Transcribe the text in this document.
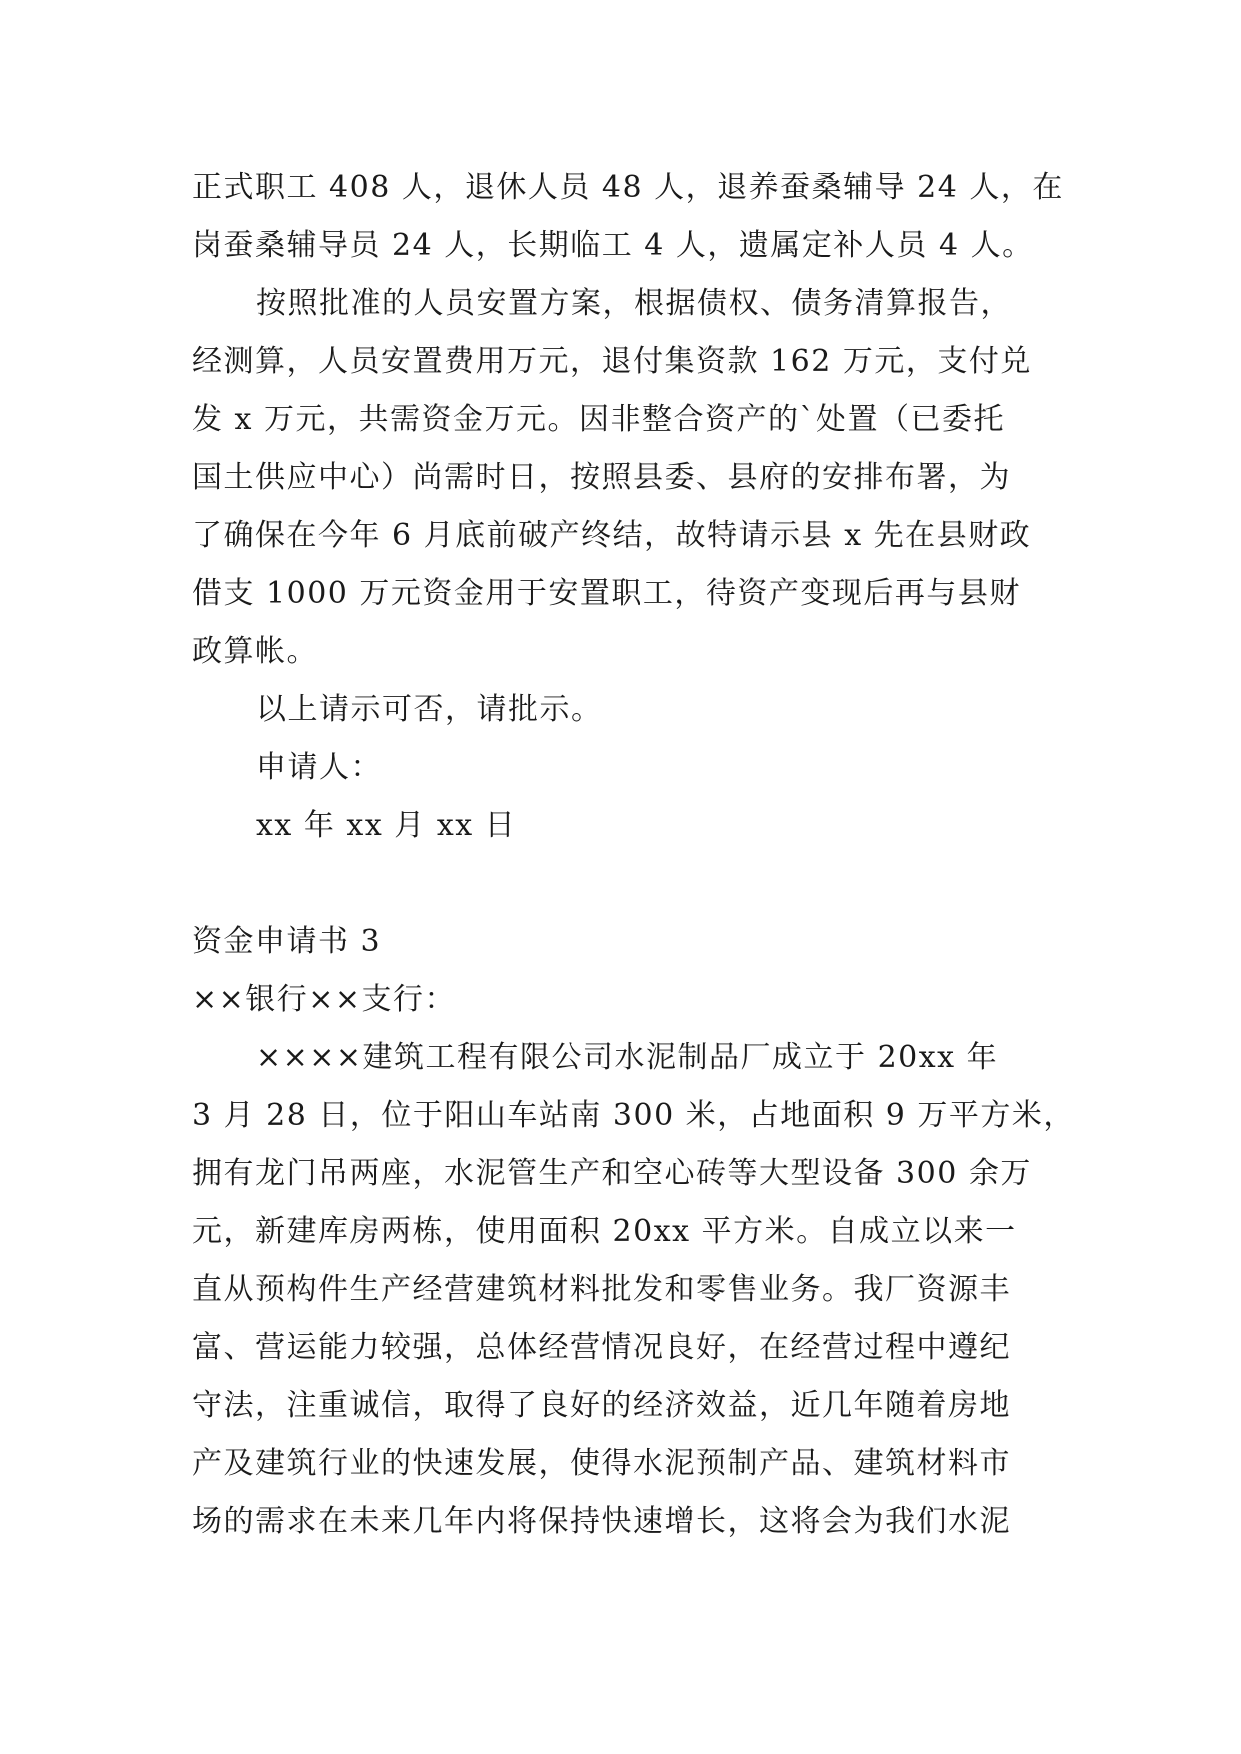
正式职工 408 人，退休人员 48 人，退养蚕桑辅导 24 人，在
岗蚕桑辅导员 24 人，长期临工 4 人，遗属定补人员 4 人。
按照批准的人员安置方案，根据债权、债务清算报告，
经测算，人员安置费用万元，退付集资款 162 万元，支付兑
发 x 万元，共需资金万元。因非整合资产的`处置（已委托
国土供应中心）尚需时日，按照县委、县府的安排布署，为
了确保在今年 6 月底前破产终结，故特请示县 x 先在县财政
借支 1000 万元资金用于安置职工，待资产变现后再与县财
政算帐。
以上请示可否，请批示。
申请人：
xx 年 xx 月 xx 日
资金申请书 3
××银行××支行：
××××建筑工程有限公司水泥制品厂成立于 20xx 年
3 月 28 日，位于阳山车站南 300 米，占地面积 9 万平方米，
拥有龙门吊两座，水泥管生产和空心砖等大型设备 300 余万
元，新建库房两栋，使用面积 20xx 平方米。自成立以来一
直从预构件生产经营建筑材料批发和零售业务。我厂资源丰
富、营运能力较强，总体经营情况良好，在经营过程中遵纪
守法，注重诚信，取得了良好的经济效益，近几年随着房地
产及建筑行业的快速发展，使得水泥预制产品、建筑材料市
场的需求在未来几年内将保持快速增长，这将会为我们水泥
